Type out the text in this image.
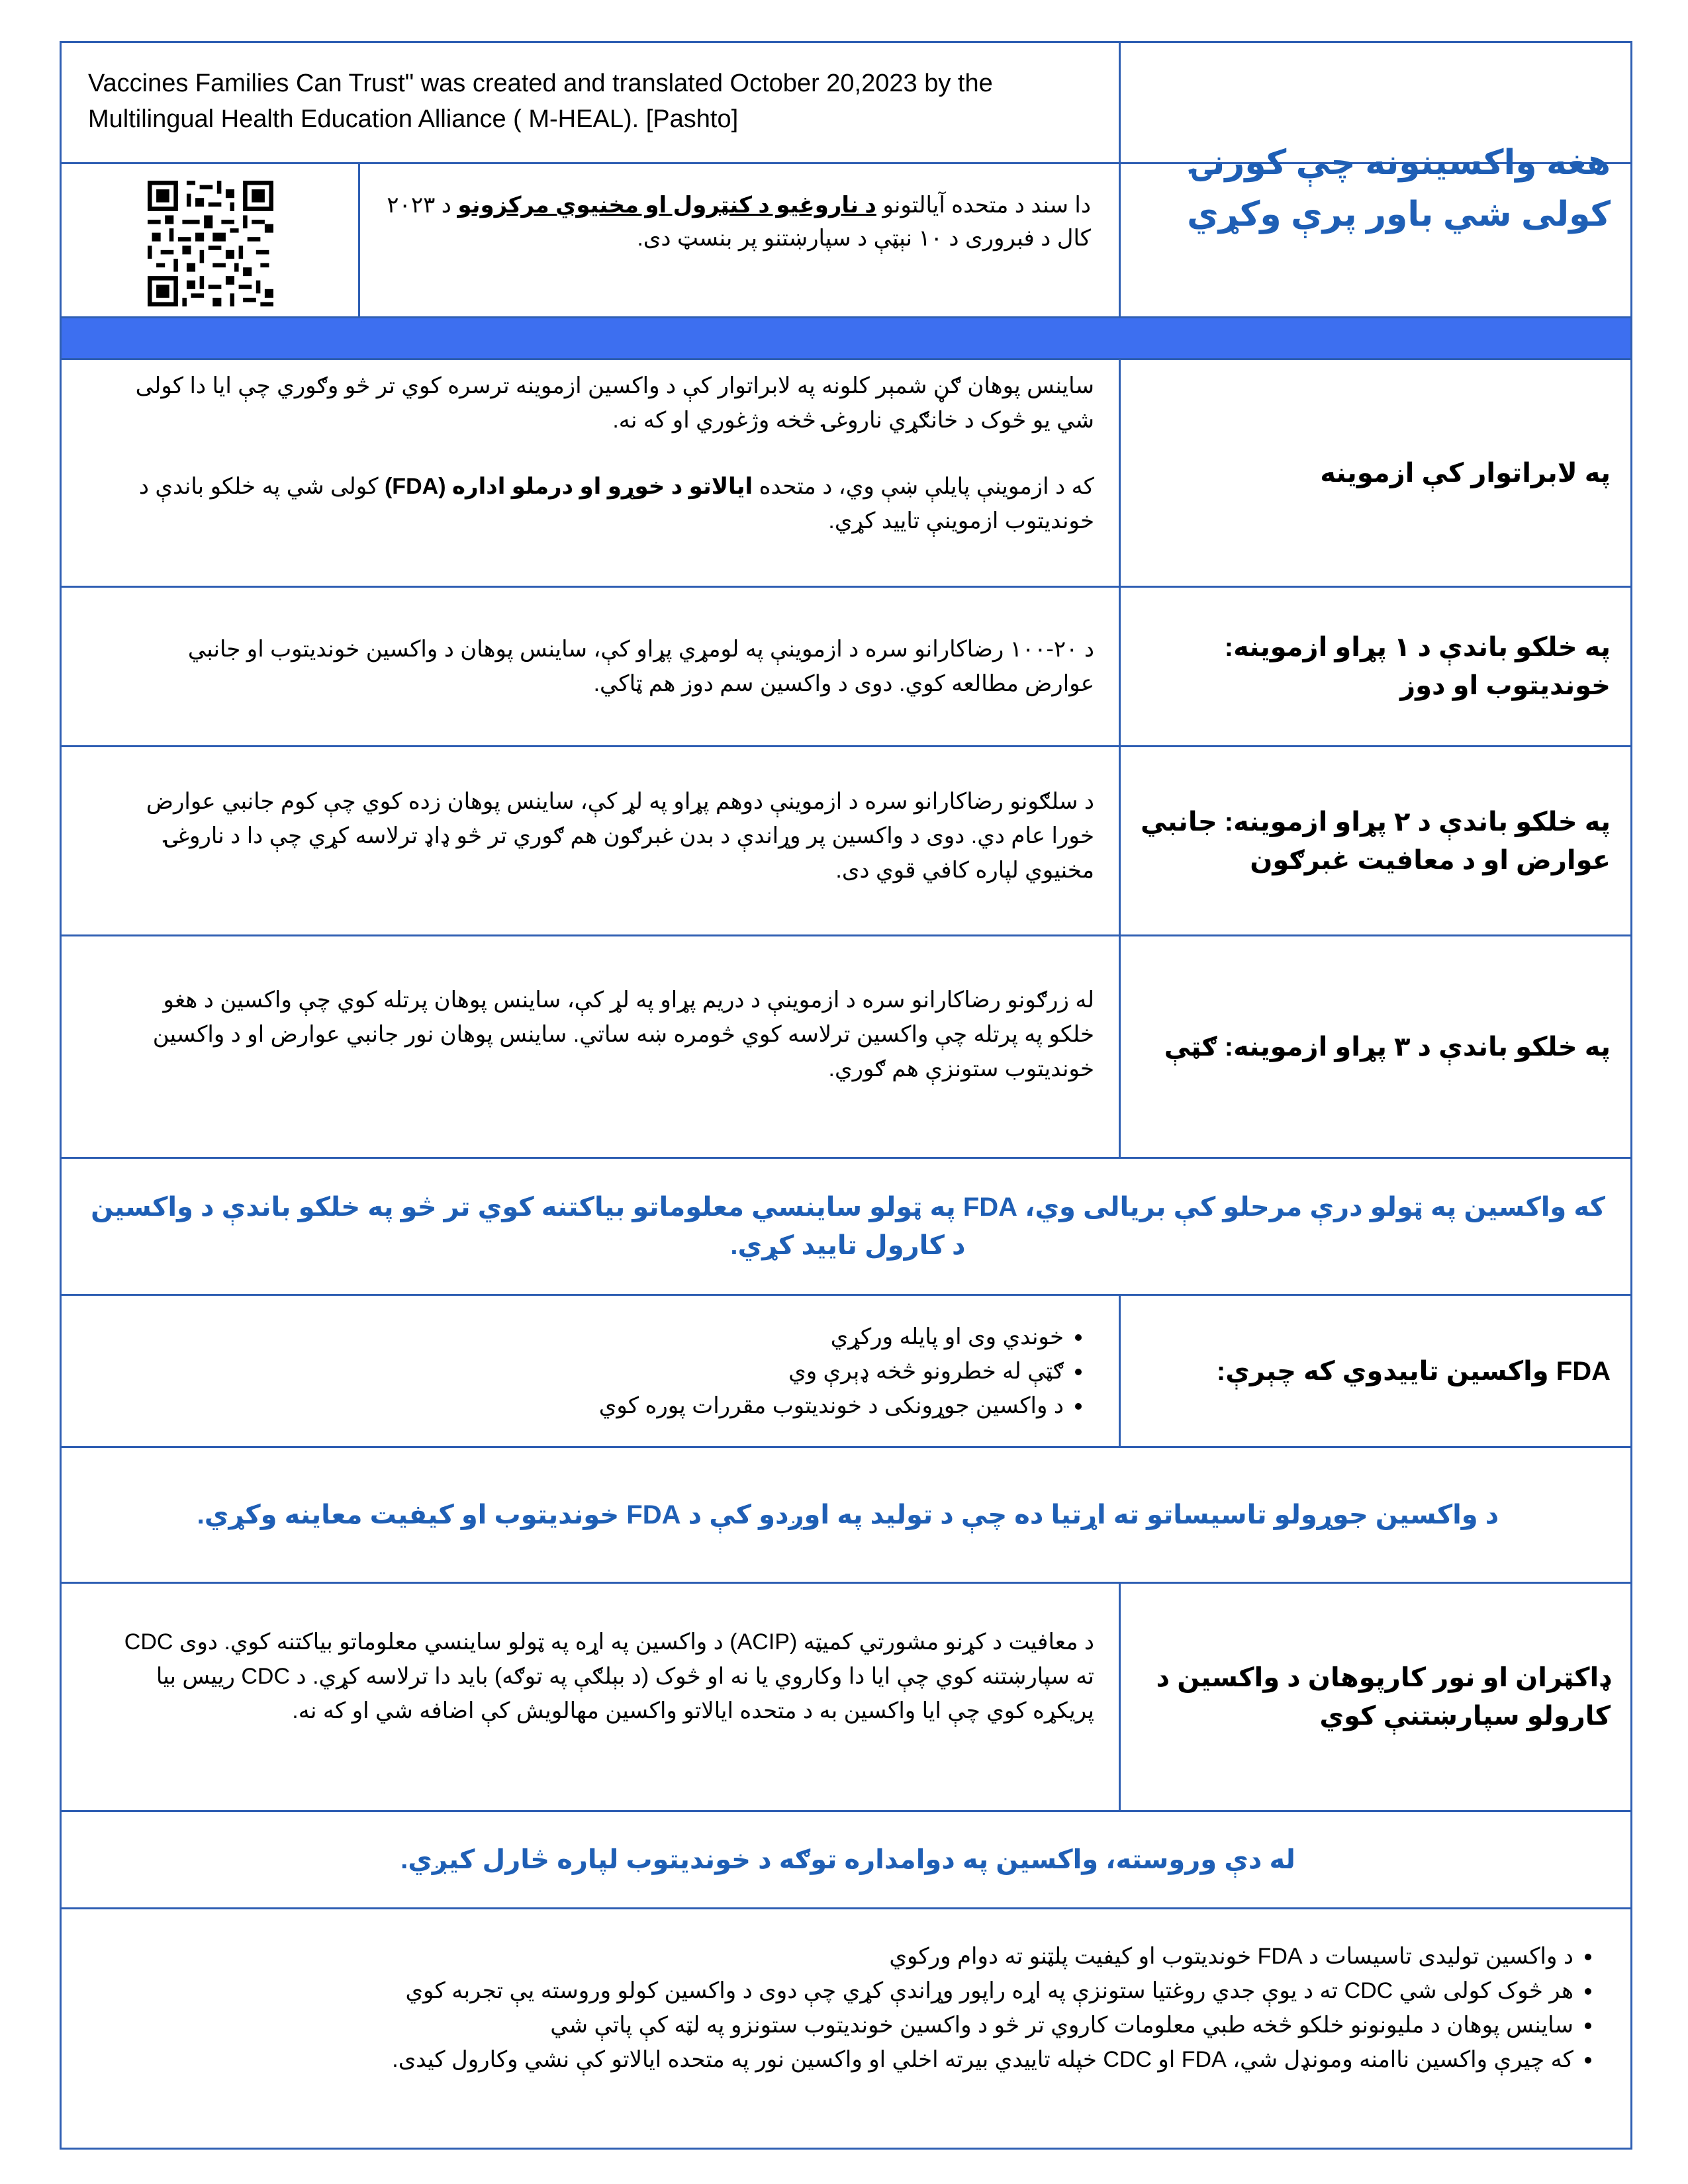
Vaccines Families Can Trust" was created and translated October 20,2023 by the Multilingual Health Education Alliance ( M-HEAL). [Pashto]
هغه واکسینونه چې کورنۍ کولی شي باور پرې وکړي
دا سند د متحده آیالتونو د ناروغیو د کنټرول او مخنیوي مرکزونو د ۲۰۲۳ کال د فبروری د ۱۰ نېټې د سپارښتنو پر بنسټ دی.
په لابراتوار کې ازموینه

ساینس پوهان ګڼ شمېر کلونه په لابراتوار کې د واکسین ازموینه ترسره کوي تر څو وګوري چې ایا دا کولی شي یو څوک د خانګړي ناروغۍ څخه وژغوري او که نه.

که د ازموینې پایلې ښې وي، د متحده ایالاتو د خوړو او درملو اداره (FDA) کولی شي په خلکو باندې د خوندیتوب ازموینې تایید کړي.

په خلکو باندې د ۱ پړاو ازموینه: خوندیتوب او دوز
د ۲۰-۱۰۰ رضاکارانو سره د ازموینې په لومړي پړاو کې، ساینس پوهان د واکسین خوندیتوب او جانبي عوارض مطالعه کوي. دوی د واکسین سم دوز هم ټاکي.
په خلکو باندې د ۲ پړاو ازموینه: جانبي عوارض او د معافیت غبرګون
د سلګونو رضاکارانو سره د ازموینې دوهم پړاو په لړ کې، ساینس پوهان زده کوي چې کوم جانبي عوارض خورا عام دي. دوی د واکسین پر وړاندې د بدن غبرګون هم ګوري تر څو ډاډ ترلاسه کړي چې دا د ناروغۍ مخنیوي لپاره کافي قوي دی.
په خلکو باندې د ۳ پړاو ازموینه: ګټې
له زرګونو رضاکارانو سره د ازموینې د دریم پړاو په لړ کې، ساینس پوهان پرتله کوي چې واکسین د هغو خلکو په پرتله چې واکسین ترلاسه کوي څومره ښه ساتي. ساینس پوهان نور جانبي عوارض او د واکسین خوندیتوب ستونزې هم ګوري.
که واکسین په ټولو درې مرحلو کې بریالی وي، FDA په ټولو ساینسي معلوماتو بیاکتنه کوي تر څو په خلکو باندې د واکسین د کارول تایید کړي.
FDA واکسین تاییدوي که چېرې:
• خوندي وی او پایله ورکړي
• ګټې له خطرونو څخه ډېرې وي
• د واکسین جوړونکی د خوندیتوب مقررات پوره کوي
د واکسین جوړولو تاسیساتو ته اړتیا ده چې د تولید په اوږدو کې د FDA خوندیتوب او کیفیت معاینه وکړي.
ډاکټران او نور کارپوهان د واکسین د کارولو سپارښتنې کوي
د معافیت د کړنو مشورتي کمیټه (ACIP) د واکسین په اړه په ټولو ساینسي معلوماتو بیاکتنه کوي. دوی CDC ته سپارښتنه کوي چې ایا دا وکاروي یا نه او څوک (د بېلګې په توګه) باید دا ترلاسه کړي. د CDC رییس بیا پریکړه کوي چې ایا واکسین به د متحده ایالاتو واکسین مهالویش کې اضافه شي او که نه.
له دې وروسته، واکسین په دوامداره توګه د خوندیتوب لپاره څارل کیږي.
• د واکسین تولیدی تاسیسات د FDA خوندیتوب او کیفیت پلټنو ته دوام ورکوي
• هر څوک کولی شي CDC ته د یوې جدي روغتیا ستونزې په اړه راپور وړاندې کړي چې دوی د واکسین کولو وروسته یې تجربه کوي
• ساینس پوهان د ملیونونو خلکو څخه طبي معلومات کاروي تر څو د واکسین خوندیتوب ستونزو په لټه کې پاتې شي
• که چیرې واکسین ناامنه ومونډل شي، FDA او CDC خپله تاییدي بیرته اخلي او واکسین نور په متحده ایالاتو کې نشي وکارول کیدی.
